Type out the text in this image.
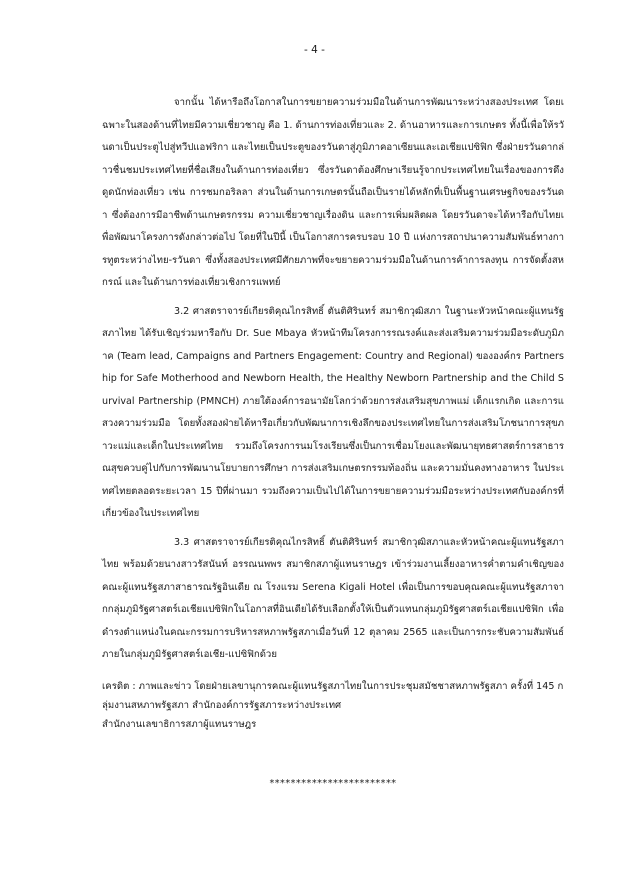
- 4 -

จากนั้น ได้หารือถึงโอกาสในการขยายความร่วมมือในด้านการพัฒนาระหว่างสองประเทศ โดยเฉพาะในสองด้านที่ไทยมีความเชี่ยวชาญ คือ 1. ด้านการท่องเที่ยวและ 2. ด้านอาหารและการเกษตร ทั้งนี้เพื่อให้รวันดาเป็นประตูไปสู่ทวีปแอฟริกา และไทยเป็นประตูของรวันดาสู่ภูมิภาคอาเซียนและเอเชียแปซิฟิก ซึ่งฝ่ายรวันดากล่าวชื่นชมประเทศไทยที่ชื่อเสียงในด้านการท่องเที่ยว ซึ่งรวันดาต้องศึกษาเรียนรู้จากประเทศไทยในเรื่องของการดึงดูดนักท่องเที่ยว เช่น การชมกอริลลา ส่วนในด้านการเกษตรนั้นถือเป็นรายได้หลักที่เป็นพื้นฐานเศรษฐกิจของรวันดา ซึ่งต้องการมีอาชีพด้านเกษตรกรรม ความเชี่ยวชาญเรื่องดิน และการเพิ่มผลิตผล โดยรวันดาจะได้หารือกับไทยเพื่อพัฒนาโครงการดังกล่าวต่อไป โดยที่ในปีนี้ เป็นโอกาสการครบรอบ 10 ปี แห่งการสถาปนาความสัมพันธ์ทางการทูตระหว่างไทย-รวันดา ซึ่งทั้งสองประเทศมีศักยภาพที่จะขยายความร่วมมือในด้านการค้าการลงทุน การจัดตั้งสหกรณ์ และในด้านการท่องเที่ยวเชิงการแพทย์

3.2 ศาสตราจารย์เกียรติคุณไกรสิทธิ์ ตันติศิรินทร์ สมาชิกวุฒิสภา ในฐานะหัวหน้าคณะผู้แทนรัฐสภาไทย ได้รับเชิญร่วมหารือกับ Dr. Sue Mbaya หัวหน้าทีมโครงการรณรงค์และส่งเสริมความร่วมมือระดับภูมิภาค (Team lead, Campaigns and Partners Engagement: Country and Regional) ขององค์กร Partnership for Safe Motherhood and Newborn Health, the Healthy Newborn Partnership and the Child Survival Partnership (PMNCH) ภายใต้องค์การอนามัยโลกว่าด้วยการส่งเสริมสุขภาพแม่ เด็กแรกเกิด และการแสวงความร่วมมือ โดยทั้งสองฝ่ายได้หารือเกี่ยวกับพัฒนาการเชิงลึกของประเทศไทยในการส่งเสริมโภชนาการสุขภาวะแม่และเด็กในประเทศไทย รวมถึงโครงการนมโรงเรียนซึ่งเป็นการเชื่อมโยงและพัฒนายุทธศาสตร์การสาธารณสุขควบคู่ไปกับการพัฒนานโยบายการศึกษา การส่งเสริมเกษตรกรรมท้องถิ่น และความมั่นคงทางอาหาร ในประเทศไทยตลอดระยะเวลา 15 ปีที่ผ่านมา รวมถึงความเป็นไปได้ในการขยายความร่วมมือระหว่างประเทศกับองค์กรที่เกี่ยวข้องในประเทศไทย

3.3 ศาสตราจารย์เกียรติคุณไกรสิทธิ์ ตันติศิรินทร์ สมาชิกวุฒิสภาและหัวหน้าคณะผู้แทนรัฐสภาไทย พร้อมด้วยนางสาวรัสนันท์ อรรณนพพร สมาชิกสภาผู้แทนราษฎร เข้าร่วมงานเลี้ยงอาหารค่ำตามคำเชิญของคณะผู้แทนรัฐสภาสาธารณรัฐอินเดีย ณ โรงแรม Serena Kigali Hotel เพื่อเป็นการขอบคุณคณะผู้แทนรัฐสภาจากกลุ่มภูมิรัฐศาสตร์เอเชียแปซิฟิกในโอกาสที่อินเดียได้รับเลือกตั้งให้เป็นตัวแทนกลุ่มภูมิรัฐศาสตร์เอเชียแปซิฟิก เพื่อดำรงตำแหน่งในคณะกรรมการบริหารสหภาพรัฐสภาเมื่อวันที่ 12 ตุลาคม 2565 และเป็นการกระชับความสัมพันธ์ภายในกลุ่มภูมิรัฐศาสตร์เอเชีย-แปซิฟิกด้วย

เครดิต : ภาพและข่าว โดยฝ่ายเลขานุการคณะผู้แทนรัฐสภาไทยในการประชุมสมัชชาสหภาพรัฐสภา ครั้งที่ 145 กลุ่มงานสหภาพรัฐสภา สำนักองค์การรัฐสภาระหว่างประเทศ

สำนักงานเลขาธิการสภาผู้แทนราษฎร

************************
